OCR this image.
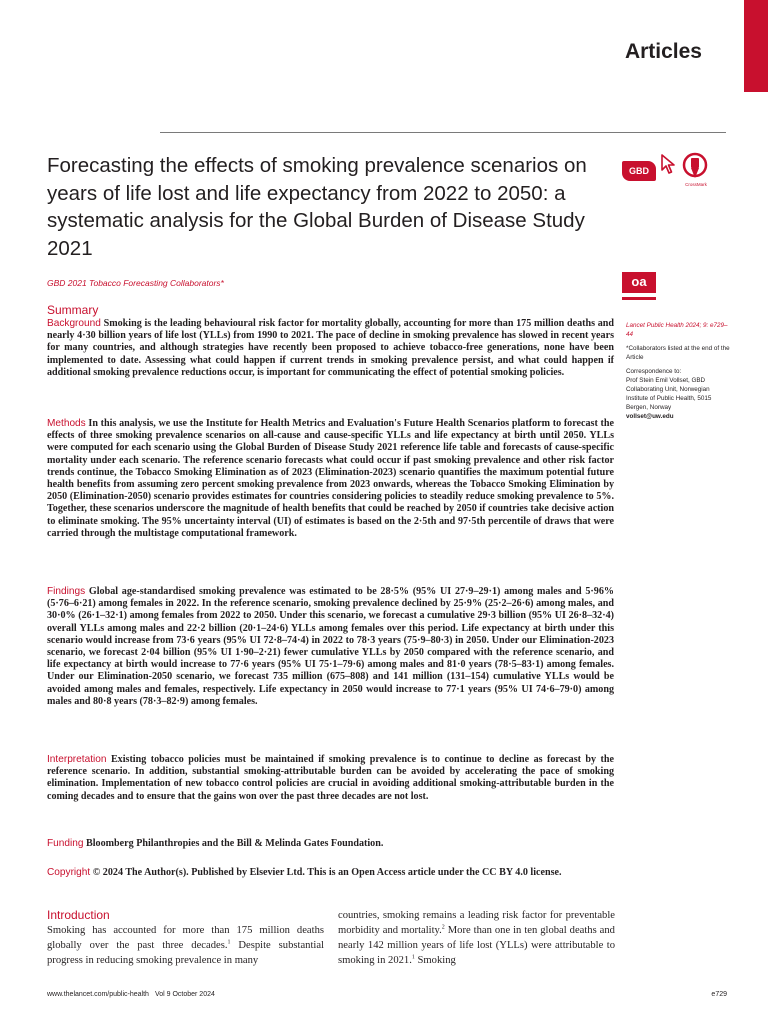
Articles
Forecasting the effects of smoking prevalence scenarios on years of life lost and life expectancy from 2022 to 2050: a systematic analysis for the Global Burden of Disease Study 2021
GBD 2021 Tobacco Forecasting Collaborators*
GBD
CrossMark
oa
Summary

Background Smoking is the leading behavioural risk factor for mortality globally, accounting for more than 175 million deaths and nearly 4·30 billion years of life lost (YLLs) from 1990 to 2021. The pace of decline in smoking prevalence has slowed in recent years for many countries, and although strategies have recently been proposed to achieve tobacco-free generations, none have been implemented to date. Assessing what could happen if current trends in smoking prevalence persist, and what could happen if additional smoking prevalence reductions occur, is important for communicating the effect of potential smoking policies.

Methods In this analysis, we use the Institute for Health Metrics and Evaluation's Future Health Scenarios platform to forecast the effects of three smoking prevalence scenarios on all-cause and cause-specific YLLs and life expectancy at birth until 2050. YLLs were computed for each scenario using the Global Burden of Disease Study 2021 reference life table and forecasts of cause-specific mortality under each scenario. The reference scenario forecasts what could occur if past smoking prevalence and other risk factor trends continue, the Tobacco Smoking Elimination as of 2023 (Elimination-2023) scenario quantifies the maximum potential future health benefits from assuming zero percent smoking prevalence from 2023 onwards, whereas the Tobacco Smoking Elimination by 2050 (Elimination-2050) scenario provides estimates for countries considering policies to steadily reduce smoking prevalence to 5%. Together, these scenarios underscore the magnitude of health benefits that could be reached by 2050 if countries take decisive action to eliminate smoking. The 95% uncertainty interval (UI) of estimates is based on the 2·5th and 97·5th percentile of draws that were carried through the multistage computational framework.

Findings Global age-standardised smoking prevalence was estimated to be 28·5% (95% UI 27·9–29·1) among males and 5·96% (5·76–6·21) among females in 2022. In the reference scenario, smoking prevalence declined by 25·9% (25·2–26·6) among males, and 30·0% (26·1–32·1) among females from 2022 to 2050. Under this scenario, we forecast a cumulative 29·3 billion (95% UI 26·8–32·4) overall YLLs among males and 22·2 billion (20·1–24·6) YLLs among females over this period. Life expectancy at birth under this scenario would increase from 73·6 years (95% UI 72·8–74·4) in 2022 to 78·3 years (75·9–80·3) in 2050. Under our Elimination-2023 scenario, we forecast 2·04 billion (95% UI 1·90–2·21) fewer cumulative YLLs by 2050 compared with the reference scenario, and life expectancy at birth would increase to 77·6 years (95% UI 75·1–79·6) among males and 81·0 years (78·5–83·1) among females. Under our Elimination-2050 scenario, we forecast 735 million (675–808) and 141 million (131–154) cumulative YLLs would be avoided among males and females, respectively. Life expectancy in 2050 would increase to 77·1 years (95% UI 74·6–79·0) among males and 80·8 years (78·3–82·9) among females.

Interpretation Existing tobacco policies must be maintained if smoking prevalence is to continue to decline as forecast by the reference scenario. In addition, substantial smoking-attributable burden can be avoided by accelerating the pace of smoking elimination. Implementation of new tobacco control policies are crucial in avoiding additional smoking-attributable burden in the coming decades and to ensure that the gains won over the past three decades are not lost.

Funding Bloomberg Philanthropies and the Bill & Melinda Gates Foundation.

Copyright © 2024 The Author(s). Published by Elsevier Ltd. This is an Open Access article under the CC BY 4.0 license.

Lancet Public Health 2024; 9: e729–44
*Collaborators listed at the end of the Article
Correspondence to:
Prof Stein Emil Vollset, GBD Collaborating Unit, Norwegian Institute of Public Health, 5015 Bergen, Norway
vollset@uw.edu
Introduction

Smoking has accounted for more than 175 million deaths globally over the past three decades.$^1$ Despite substantial progress in reducing smoking prevalence in many

countries, smoking remains a leading risk factor for preventable morbidity and mortality.$^2$ More than one in ten global deaths and nearly 142 million years of life lost (YLLs) were attributable to smoking in 2021.$^1$ Smoking

www.thelancet.com/public-health Vol 9 October 2024	e729
